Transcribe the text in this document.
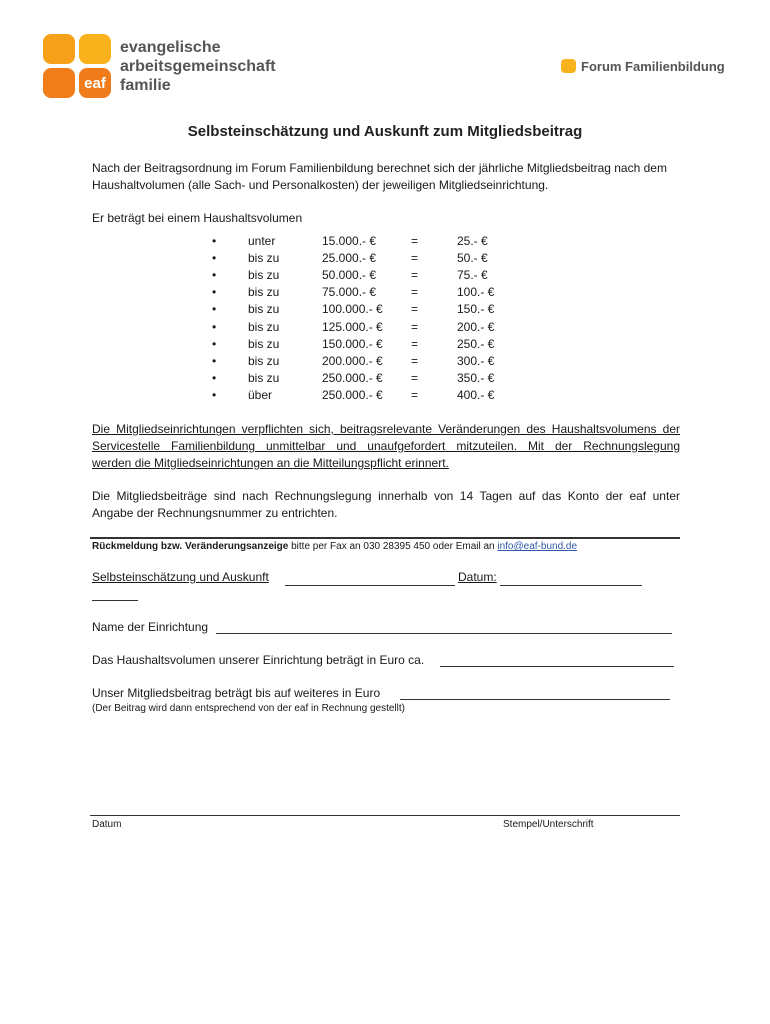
eaf
evangelische
arbeitsgemeinschaft
familie
Forum Familienbildung
Selbsteinschätzung und Auskunft zum Mitgliedsbeitrag
Nach der Beitragsordnung im Forum Familienbildung berechnet sich der jährliche Mitgliedsbeitrag nach dem Haushaltvolumen (alle Sach- und Personalkosten) der jeweiligen Mitgliedseinrichtung.
Er beträgt bei einem Haushaltsvolumen
•	unter	15.000.- €	=	25.- €
•	bis zu	25.000.- €	=	50.- €
•	bis zu	50.000.- €	=	75.- €
•	bis zu	75.000.- €	=	100.- €
•	bis zu	100.000.- € =	150.- €
•	bis zu	125.000.- € =	200.- €
•	bis zu	150.000.- € =	250.- €
•	bis zu	200.000.- € =	300.- €
•	bis zu	250.000.- € =	350.- €
•	über	250.000.- € =	400.- €
Die Mitgliedseinrichtungen verpflichten sich, beitragsrelevante Veränderungen des Haushaltsvolumens der
Servicestelle Familienbildung unmittelbar und unaufgefordert mitzuteilen. Mit der Rechnungslegung
werden die Mitgliedseinrichtungen an die Mitteilungspflicht erinnert.
Die Mitgliedsbeiträge sind nach Rechnungslegung innerhalb von 14 Tagen auf das Konto der eaf unter
Angabe der Rechnungsnummer zu entrichten.
Rückmeldung bzw. Veränderungsanzeige bitte per Fax an 030 28395 450 oder Email an info@eaf-bund.de
Selbsteinschätzung und Auskunft	Datum:
Name der Einrichtung
Das Haushaltsvolumen unserer Einrichtung beträgt in Euro ca.
Unser Mitgliedsbeitrag beträgt bis auf weiteres in Euro
(Der Beitrag wird dann entsprechend von der eaf in Rechnung gestellt)
Datum	Stempel/Unterschrift
